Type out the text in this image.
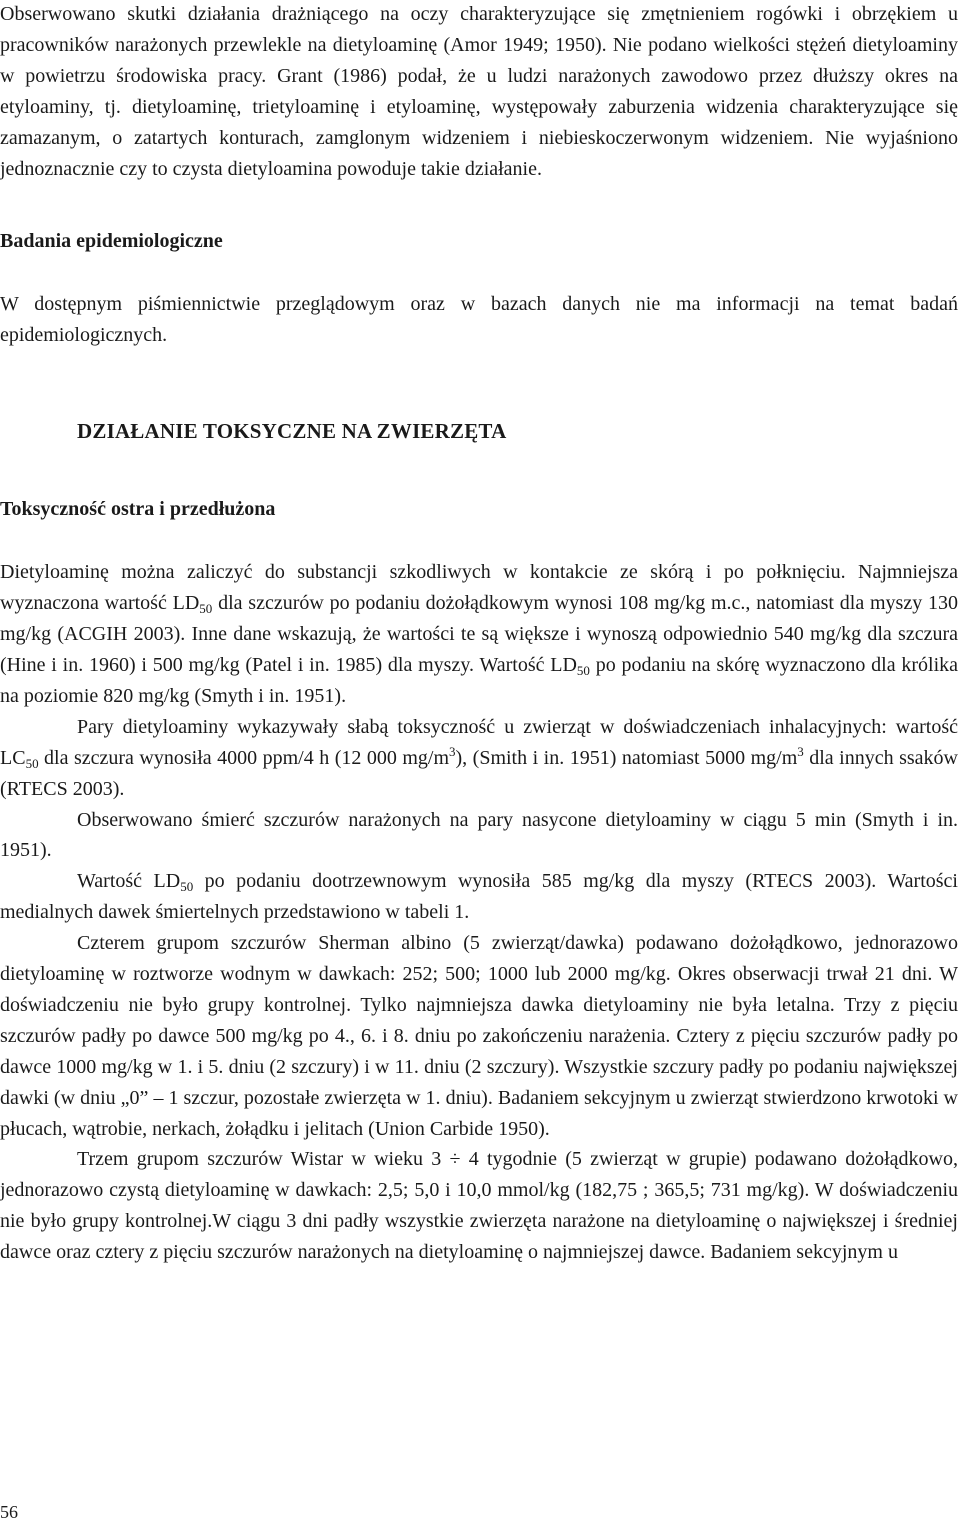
Obserwowano skutki działania drażniącego na oczy charakteryzujące się zmętnieniem rogówki i obrzękiem u pracowników narażonych przewlekle na dietyloaminę (Amor 1949; 1950). Nie podano wielkości stężeń dietyloaminy w powietrzu środowiska pracy. Grant (1986) podał, że u ludzi narażonych zawodowo przez dłuższy okres na etyloaminy, tj. dietyloaminę, trietyloaminę i etyloaminę, występowały zaburzenia widzenia charakteryzujące się zamazanym, o zatartych konturach, zamglonym widzeniem i niebieskoczerwonym widzeniem. Nie wyjaśniono jednoznacznie czy to czysta dietyloamina powoduje takie działanie.

Badania epidemiologiczne

W dostępnym piśmiennictwie przeglądowym oraz w bazach danych nie ma informacji na temat badań epidemiologicznych.

DZIAŁANIE TOKSYCZNE NA ZWIERZĘTA

Toksyczność ostra i przedłużona

Dietyloaminę można zaliczyć do substancji szkodliwych w kontakcie ze skórą i po połknięciu. Najmniejsza wyznaczona wartość $LD_{50}$ dla szczurów po podaniu dożołądkowym wynosi 108 mg/kg m.c., natomiast dla myszy 130 mg/kg (ACGIH 2003). Inne dane wskazują, że wartości te są większe i wynoszą odpowiednio 540 mg/kg dla szczura (Hine i in. 1960) i 500 mg/kg (Patel i in. 1985) dla myszy. Wartość $LD_{50}$ po podaniu na skórę wyznaczono dla królika na poziomie 820 mg/kg (Smyth i in. 1951).

Pary dietyloaminy wykazywały słabą toksyczność u zwierząt w doświadczeniach inhalacyjnych: wartość $LC_{50}$ dla szczura wynosiła 4000 ppm/4 h (12 000 $mg/m^3$), (Smith i in. 1951) natomiast 5000 $mg/m^3$ dla innych ssaków (RTECS 2003).

Obserwowano śmierć szczurów narażonych na pary nasycone dietyloaminy w ciągu 5 min (Smyth i in. 1951).

Wartość $LD_{50}$ po podaniu dootrzewnowym wynosiła 585 mg/kg dla myszy (RTECS 2003). Wartości medialnych dawek śmiertelnych przedstawiono w tabeli 1.

Czterem grupom szczurów Sherman albino (5 zwierząt/dawka) podawano dożołądkowo, jednorazowo dietyloaminę w roztworze wodnym w dawkach: 252; 500; 1000 lub 2000 mg/kg. Okres obserwacji trwał 21 dni. W doświadczeniu nie było grupy kontrolnej. Tylko najmniejsza dawka dietyloaminy nie była letalna. Trzy z pięciu szczurów padły po dawce 500 mg/kg po 4., 6. i 8. dniu po zakończeniu narażenia. Cztery z pięciu szczurów padły po dawce 1000 mg/kg w 1. i 5. dniu (2 szczury) i w 11. dniu (2 szczury). Wszystkie szczury padły po podaniu największej dawki (w dniu „0” – 1 szczur, pozostałe zwierzęta w 1. dniu). Badaniem sekcyjnym u zwierząt stwierdzono krwotoki w płucach, wątrobie, nerkach, żołądku i jelitach (Union Carbide 1950).

Trzem grupom szczurów Wistar w wieku 3 ÷ 4 tygodnie (5 zwierząt w grupie) podawano dożołądkowo, jednorazowo czystą dietyloaminę w dawkach: 2,5; 5,0 i 10,0 mmol/kg (182,75 ; 365,5; 731 mg/kg). W doświadczeniu nie było grupy kontrolnej.W ciągu 3 dni padły wszystkie zwierzęta narażone na dietyloaminę o największej i średniej dawce oraz cztery z pięciu szczurów narażonych na dietyloaminę o najmniejszej dawce. Badaniem sekcyjnym u

56
